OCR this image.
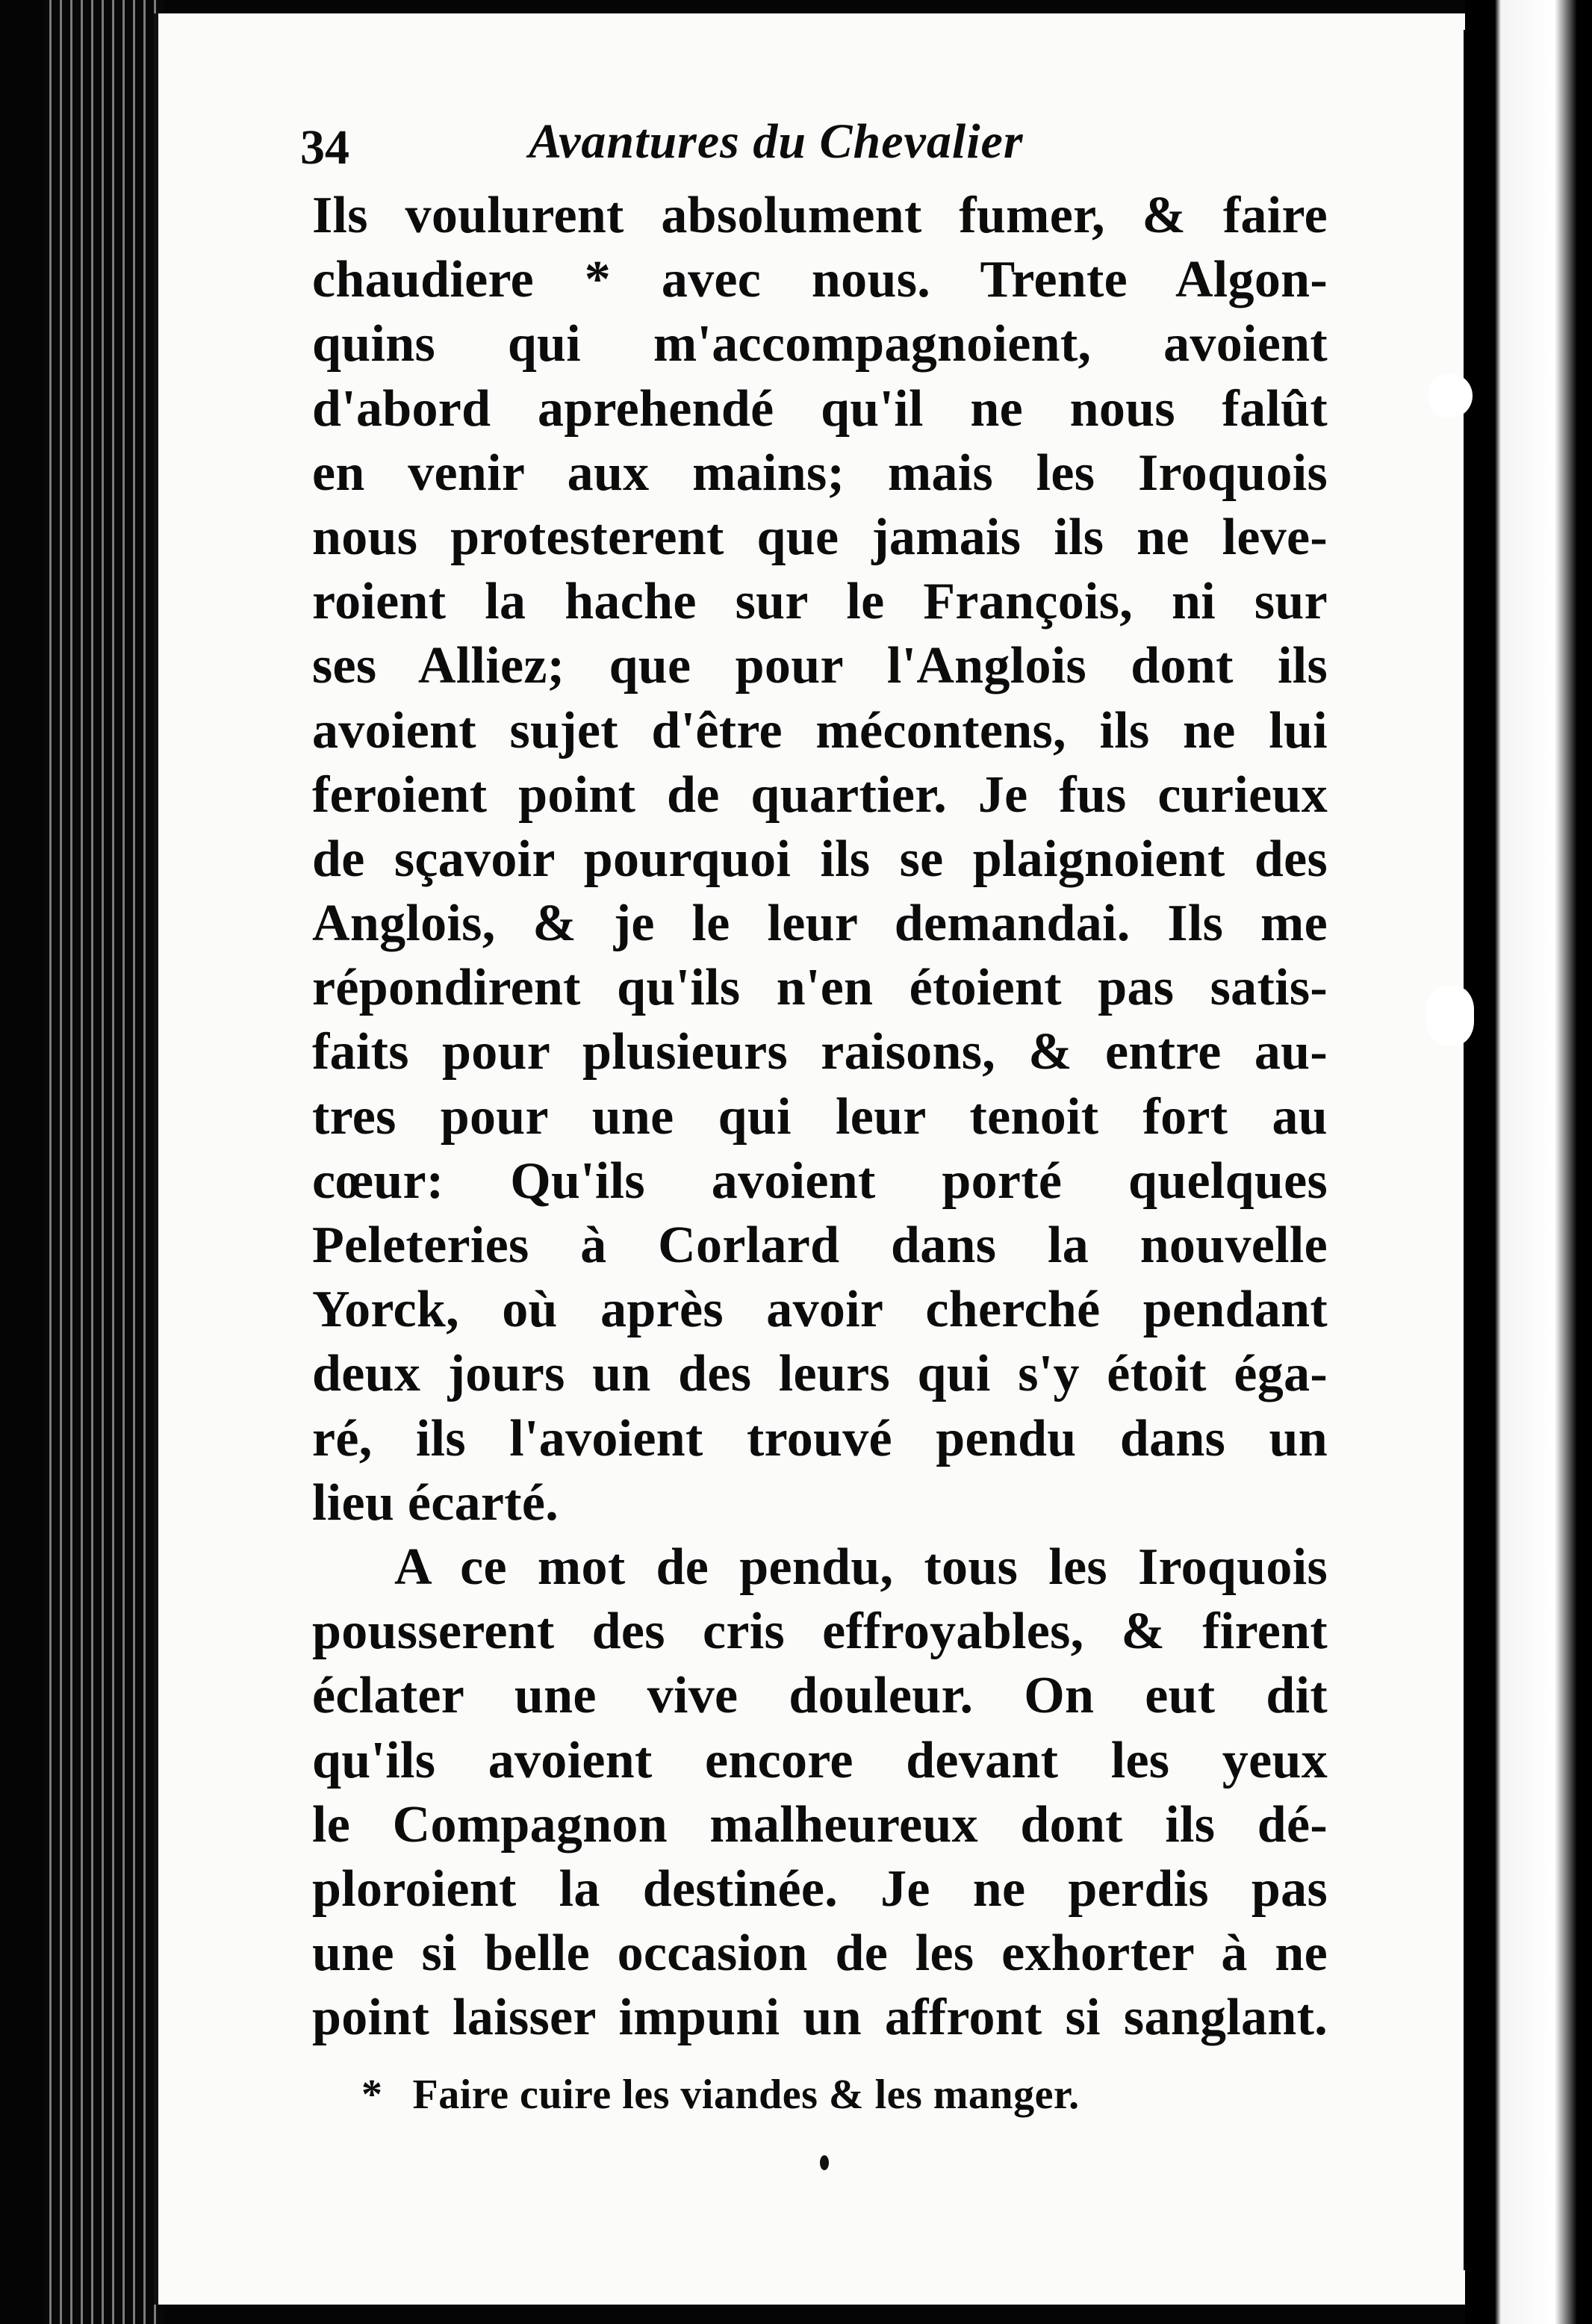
34	Avantures du Chevalier
Ils voulurent absolument fumer, & faire
chaudiere * avec nous. Trente Algon-
quins qui m'accompagnoient, avoient
d'abord aprehendé qu'il ne nous falût
en venir aux mains; mais les Iroquois
nous protesterent que jamais ils ne leve-
roient la hache sur le François, ni sur
ses Alliez; que pour l'Anglois dont ils
avoient sujet d'être mécontens, ils ne lui
feroient point de quartier. Je fus curieux
de sçavoir pourquoi ils se plaignoient des
Anglois, & je le leur demandai. Ils me
répondirent qu'ils n'en étoient pas satis-
faits pour plusieurs raisons, & entre au-
tres pour une qui leur tenoit fort au
cœur: Qu'ils avoient porté quelques
Peleteries à Corlard dans la nouvelle
Yorck, où après avoir cherché pendant
deux jours un des leurs qui s'y étoit éga-
ré, ils l'avoient trouvé pendu dans un
lieu écarté.
A ce mot de pendu, tous les Iroquois
pousserent des cris effroyables, & firent
éclater une vive douleur. On eut dit
qu'ils avoient encore devant les yeux
le Compagnon malheureux dont ils dé-
ploroient la destinée. Je ne perdis pas
une si belle occasion de les exhorter à ne
point laisser impuni un affront si sanglant.
* Faire cuire les viandes & les manger.
